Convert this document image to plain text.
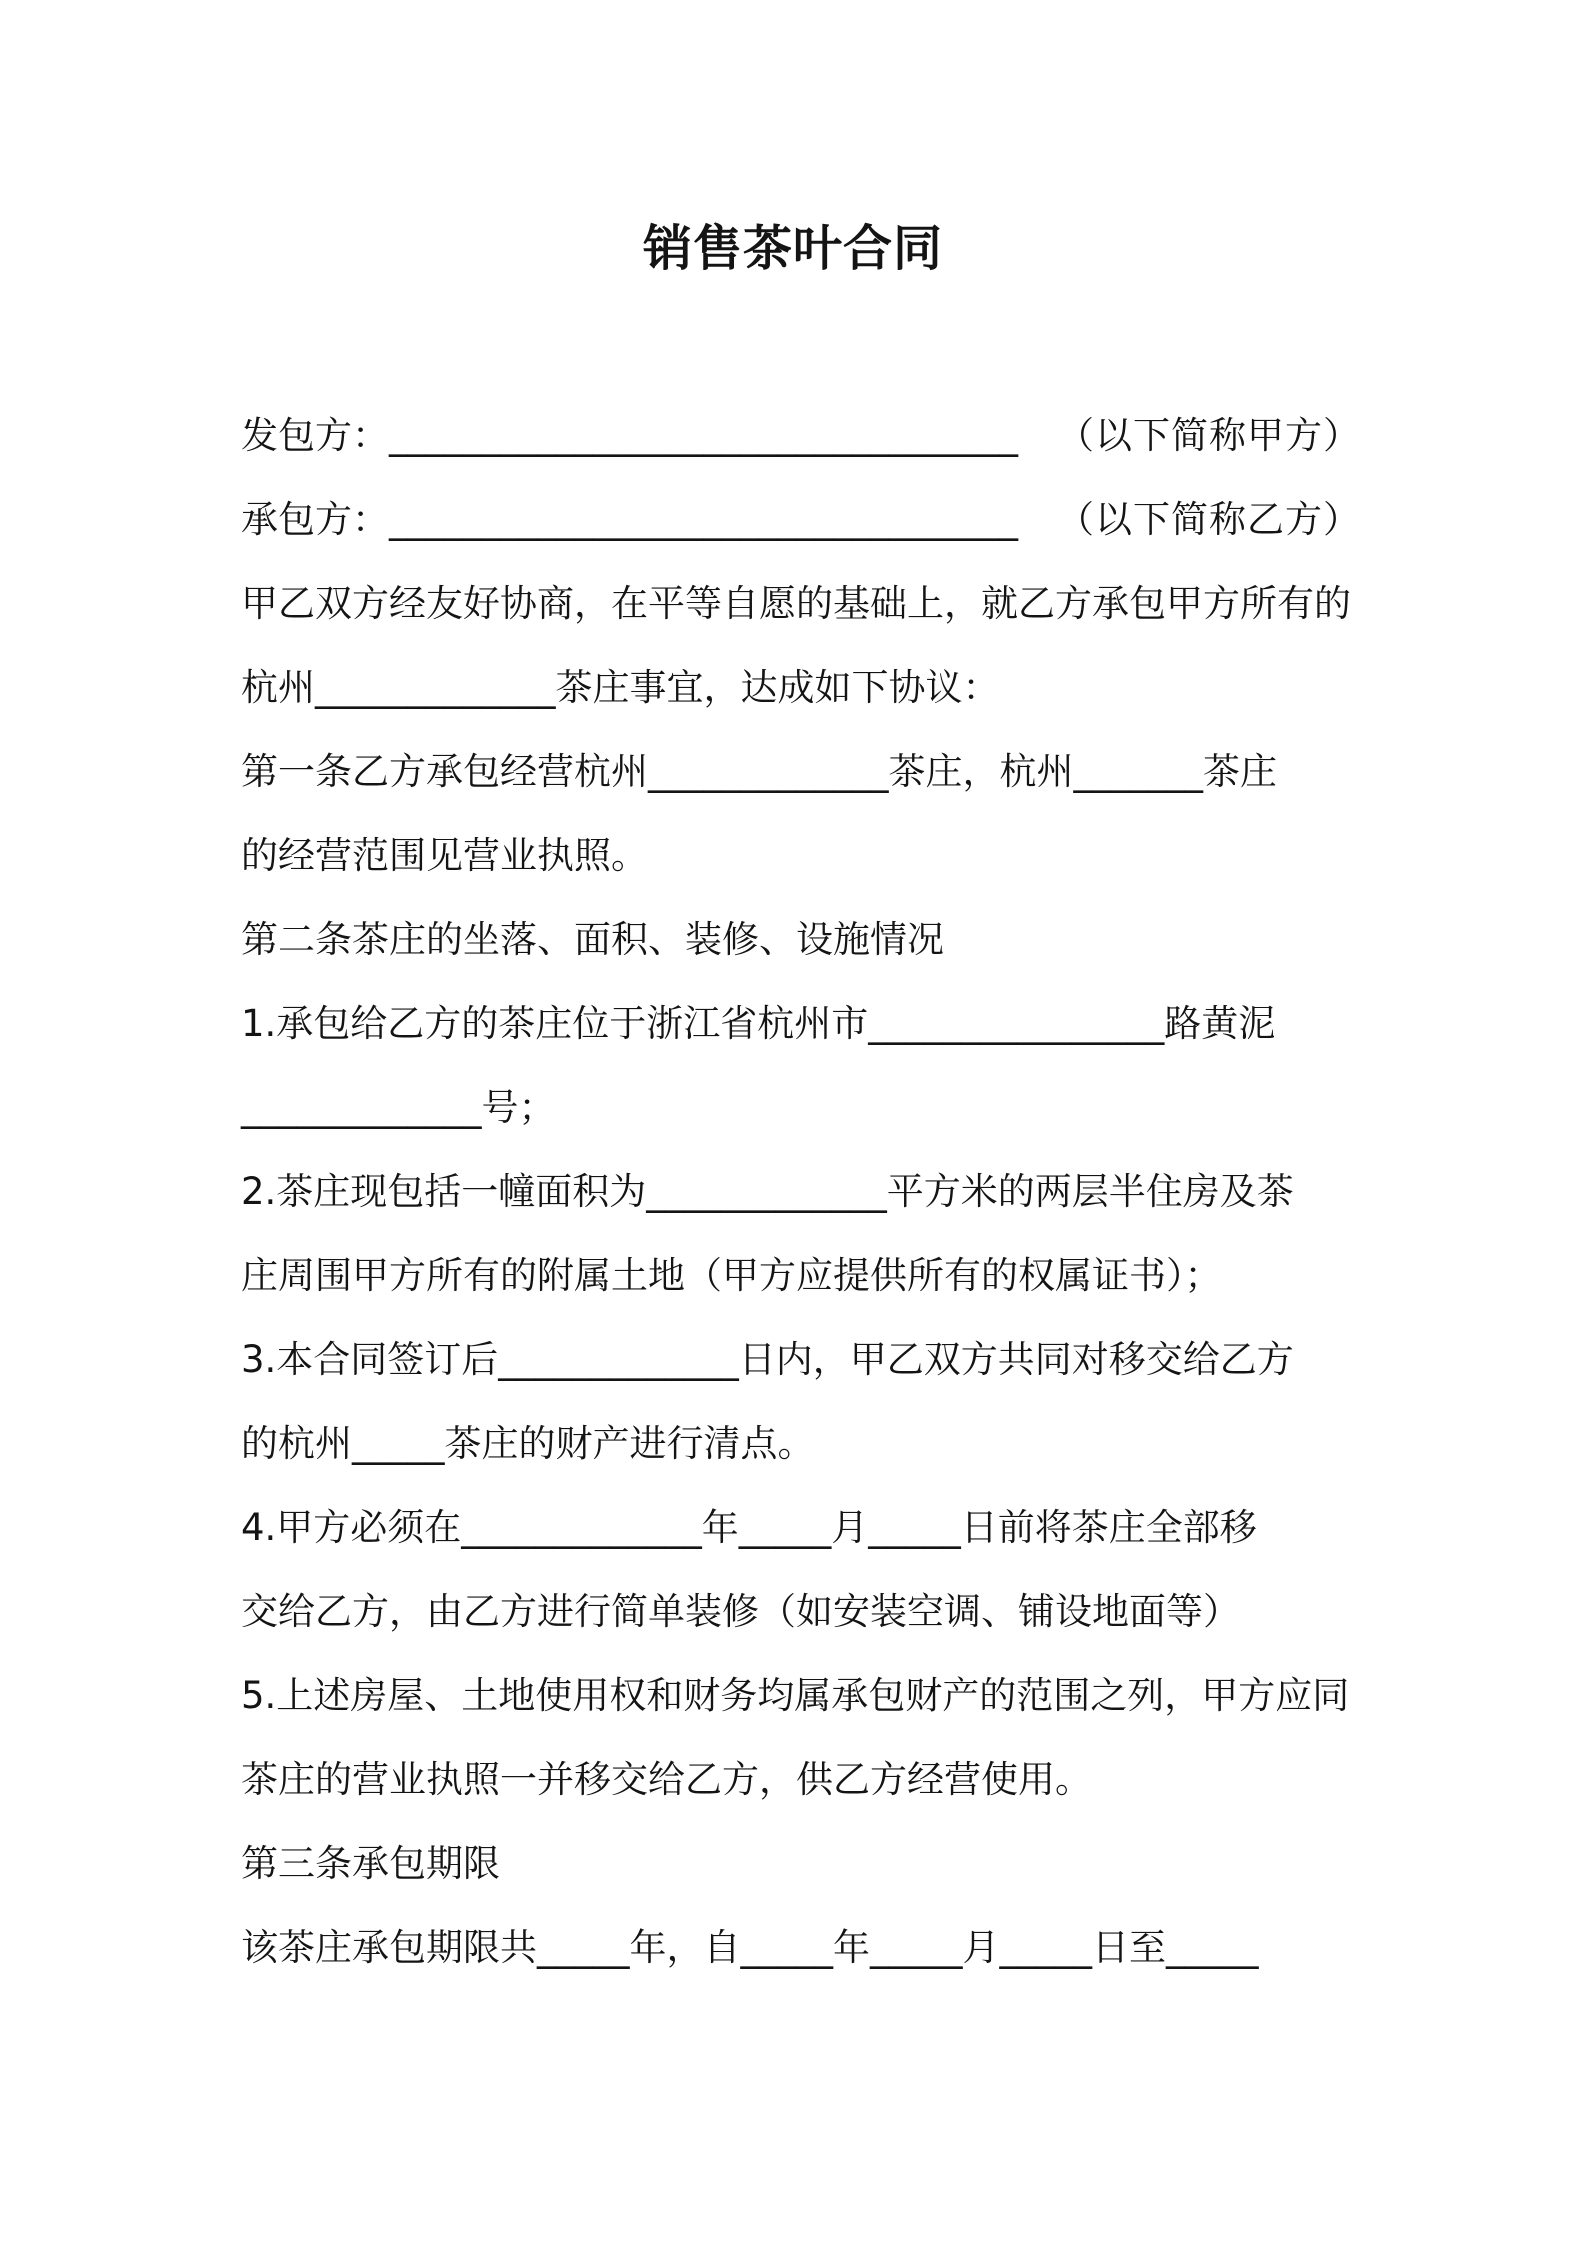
销售茶叶合同
发包方：__________________________________ （以下简称甲方）
承包方：__________________________________ （以下简称乙方）

甲乙双方经友好协商，在平等自愿的基础上，就乙方承包甲方所有的

杭州_____________茶庄事宜，达成如下协议：

第一条乙方承包经营杭州_____________茶庄，杭州_______茶庄

的经营范围见营业执照。

第二条茶庄的坐落、面积、装修、设施情况

1.承包给乙方的茶庄位于浙江省杭州市________________路黄泥

_____________号；

2.茶庄现包括一幢面积为_____________平方米的两层半住房及茶

庄周围甲方所有的附属土地（甲方应提供所有的权属证书）；

3.本合同签订后_____________日内，甲乙双方共同对移交给乙方

的杭州_____茶庄的财产进行清点。

4.甲方必须在_____________年_____月_____日前将茶庄全部移

交给乙方，由乙方进行简单装修（如安装空调、铺设地面等）

5.上述房屋、土地使用权和财务均属承包财产的范围之列，甲方应同

茶庄的营业执照一并移交给乙方，供乙方经营使用。

第三条承包期限

该茶庄承包期限共_____年，自_____年_____月_____日至_____
